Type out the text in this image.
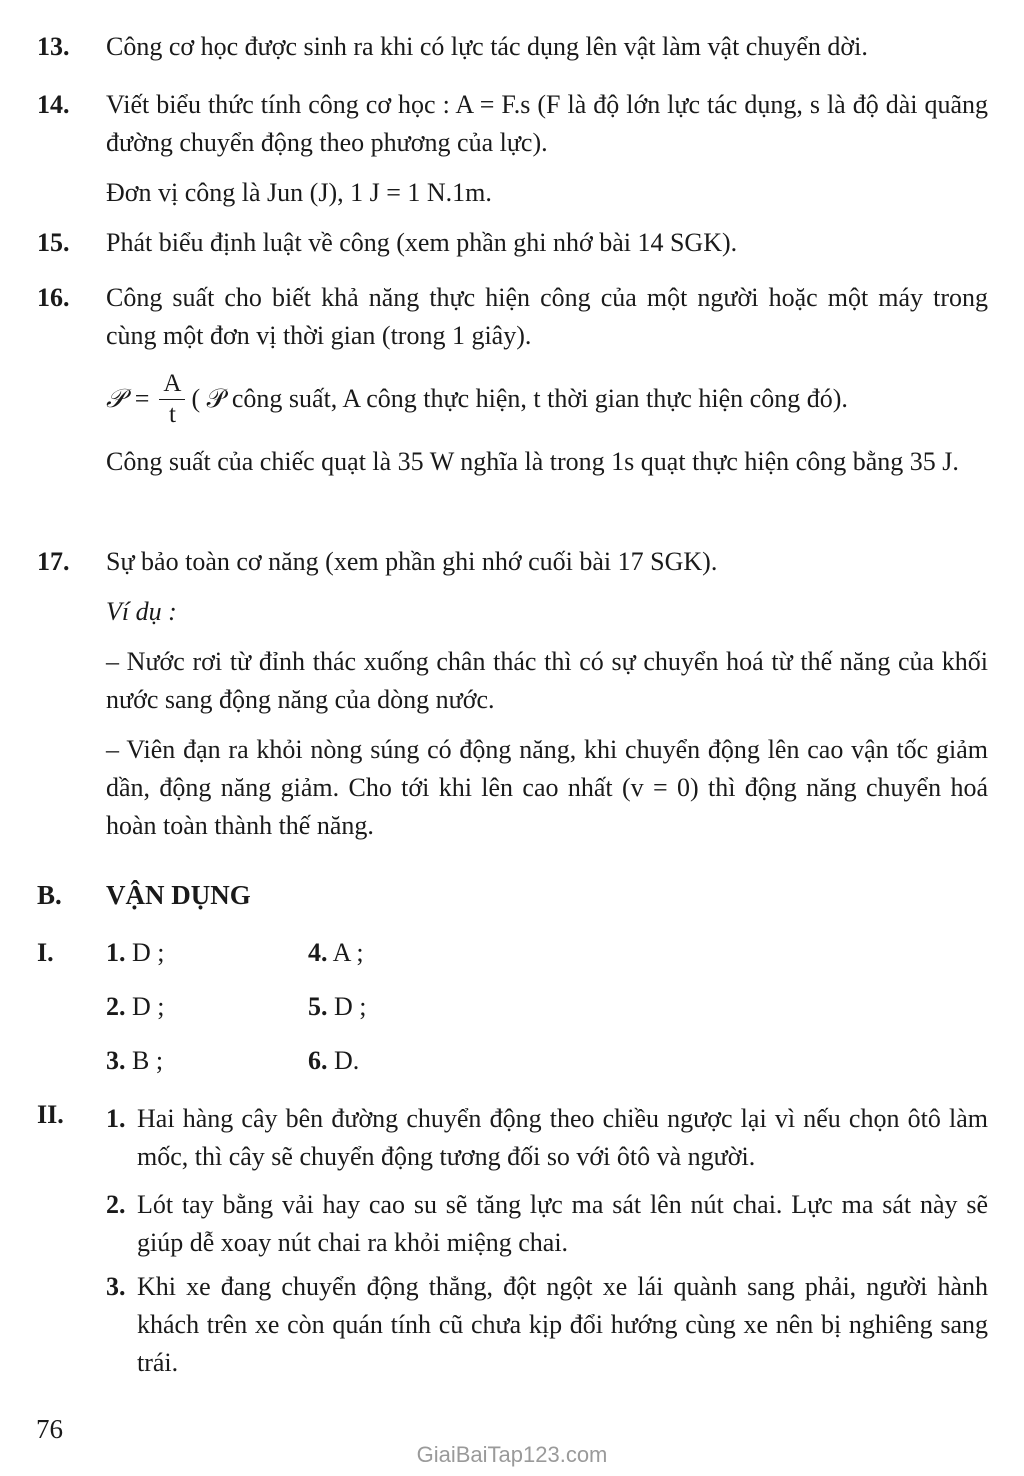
13. Công cơ học được sinh ra khi có lực tác dụng lên vật làm vật chuyển dời.

14. Viết biểu thức tính công cơ học : A = F.s (F là độ lớn lực tác dụng, s là độ dài quãng đường chuyển động theo phương của lực).

Đơn vị công là Jun (J), 1 J = 1 N.1m.

15. Phát biểu định luật về công (xem phần ghi nhớ bài 14 SGK).

16. Công suất cho biết khả năng thực hiện công của một người hoặc một máy trong cùng một đơn vị thời gian (trong 1 giây).

𝒫 = $\frac{A}{t}$ ( 𝒫 công suất, A công thực hiện, t thời gian thực hiện công đó).

Công suất của chiếc quạt là 35 W nghĩa là trong 1s quạt thực hiện công bằng 35 J.

17. Sự bảo toàn cơ năng (xem phần ghi nhớ cuối bài 17 SGK).

Ví dụ :

– Nước rơi từ đỉnh thác xuống chân thác thì có sự chuyển hoá từ thế năng của khối nước sang động năng của dòng nước.

– Viên đạn ra khỏi nòng súng có động năng, khi chuyển động lên cao vận tốc giảm dần, động năng giảm. Cho tới khi lên cao nhất (v = 0) thì động năng chuyển hoá hoàn toàn thành thế năng.

B. VẬN DỤNG
I. 1. D ;	4. A ;
2. D ;	5. D ;
3. B ;	6. D.
II. 1. Hai hàng cây bên đường chuyển động theo chiều ngược lại vì nếu chọn ôtô làm mốc, thì cây sẽ chuyển động tương đối so với ôtô và người.
2. Lót tay bằng vải hay cao su sẽ tăng lực ma sát lên nút chai. Lực ma sát này sẽ giúp dễ xoay nút chai ra khỏi miệng chai.
3. Khi xe đang chuyển động thẳng, đột ngột xe lái quành sang phải, người hành khách trên xe còn quán tính cũ chưa kịp đổi hướng cùng xe nên bị nghiêng sang trái.
76
GiaiBaiTap123.com
